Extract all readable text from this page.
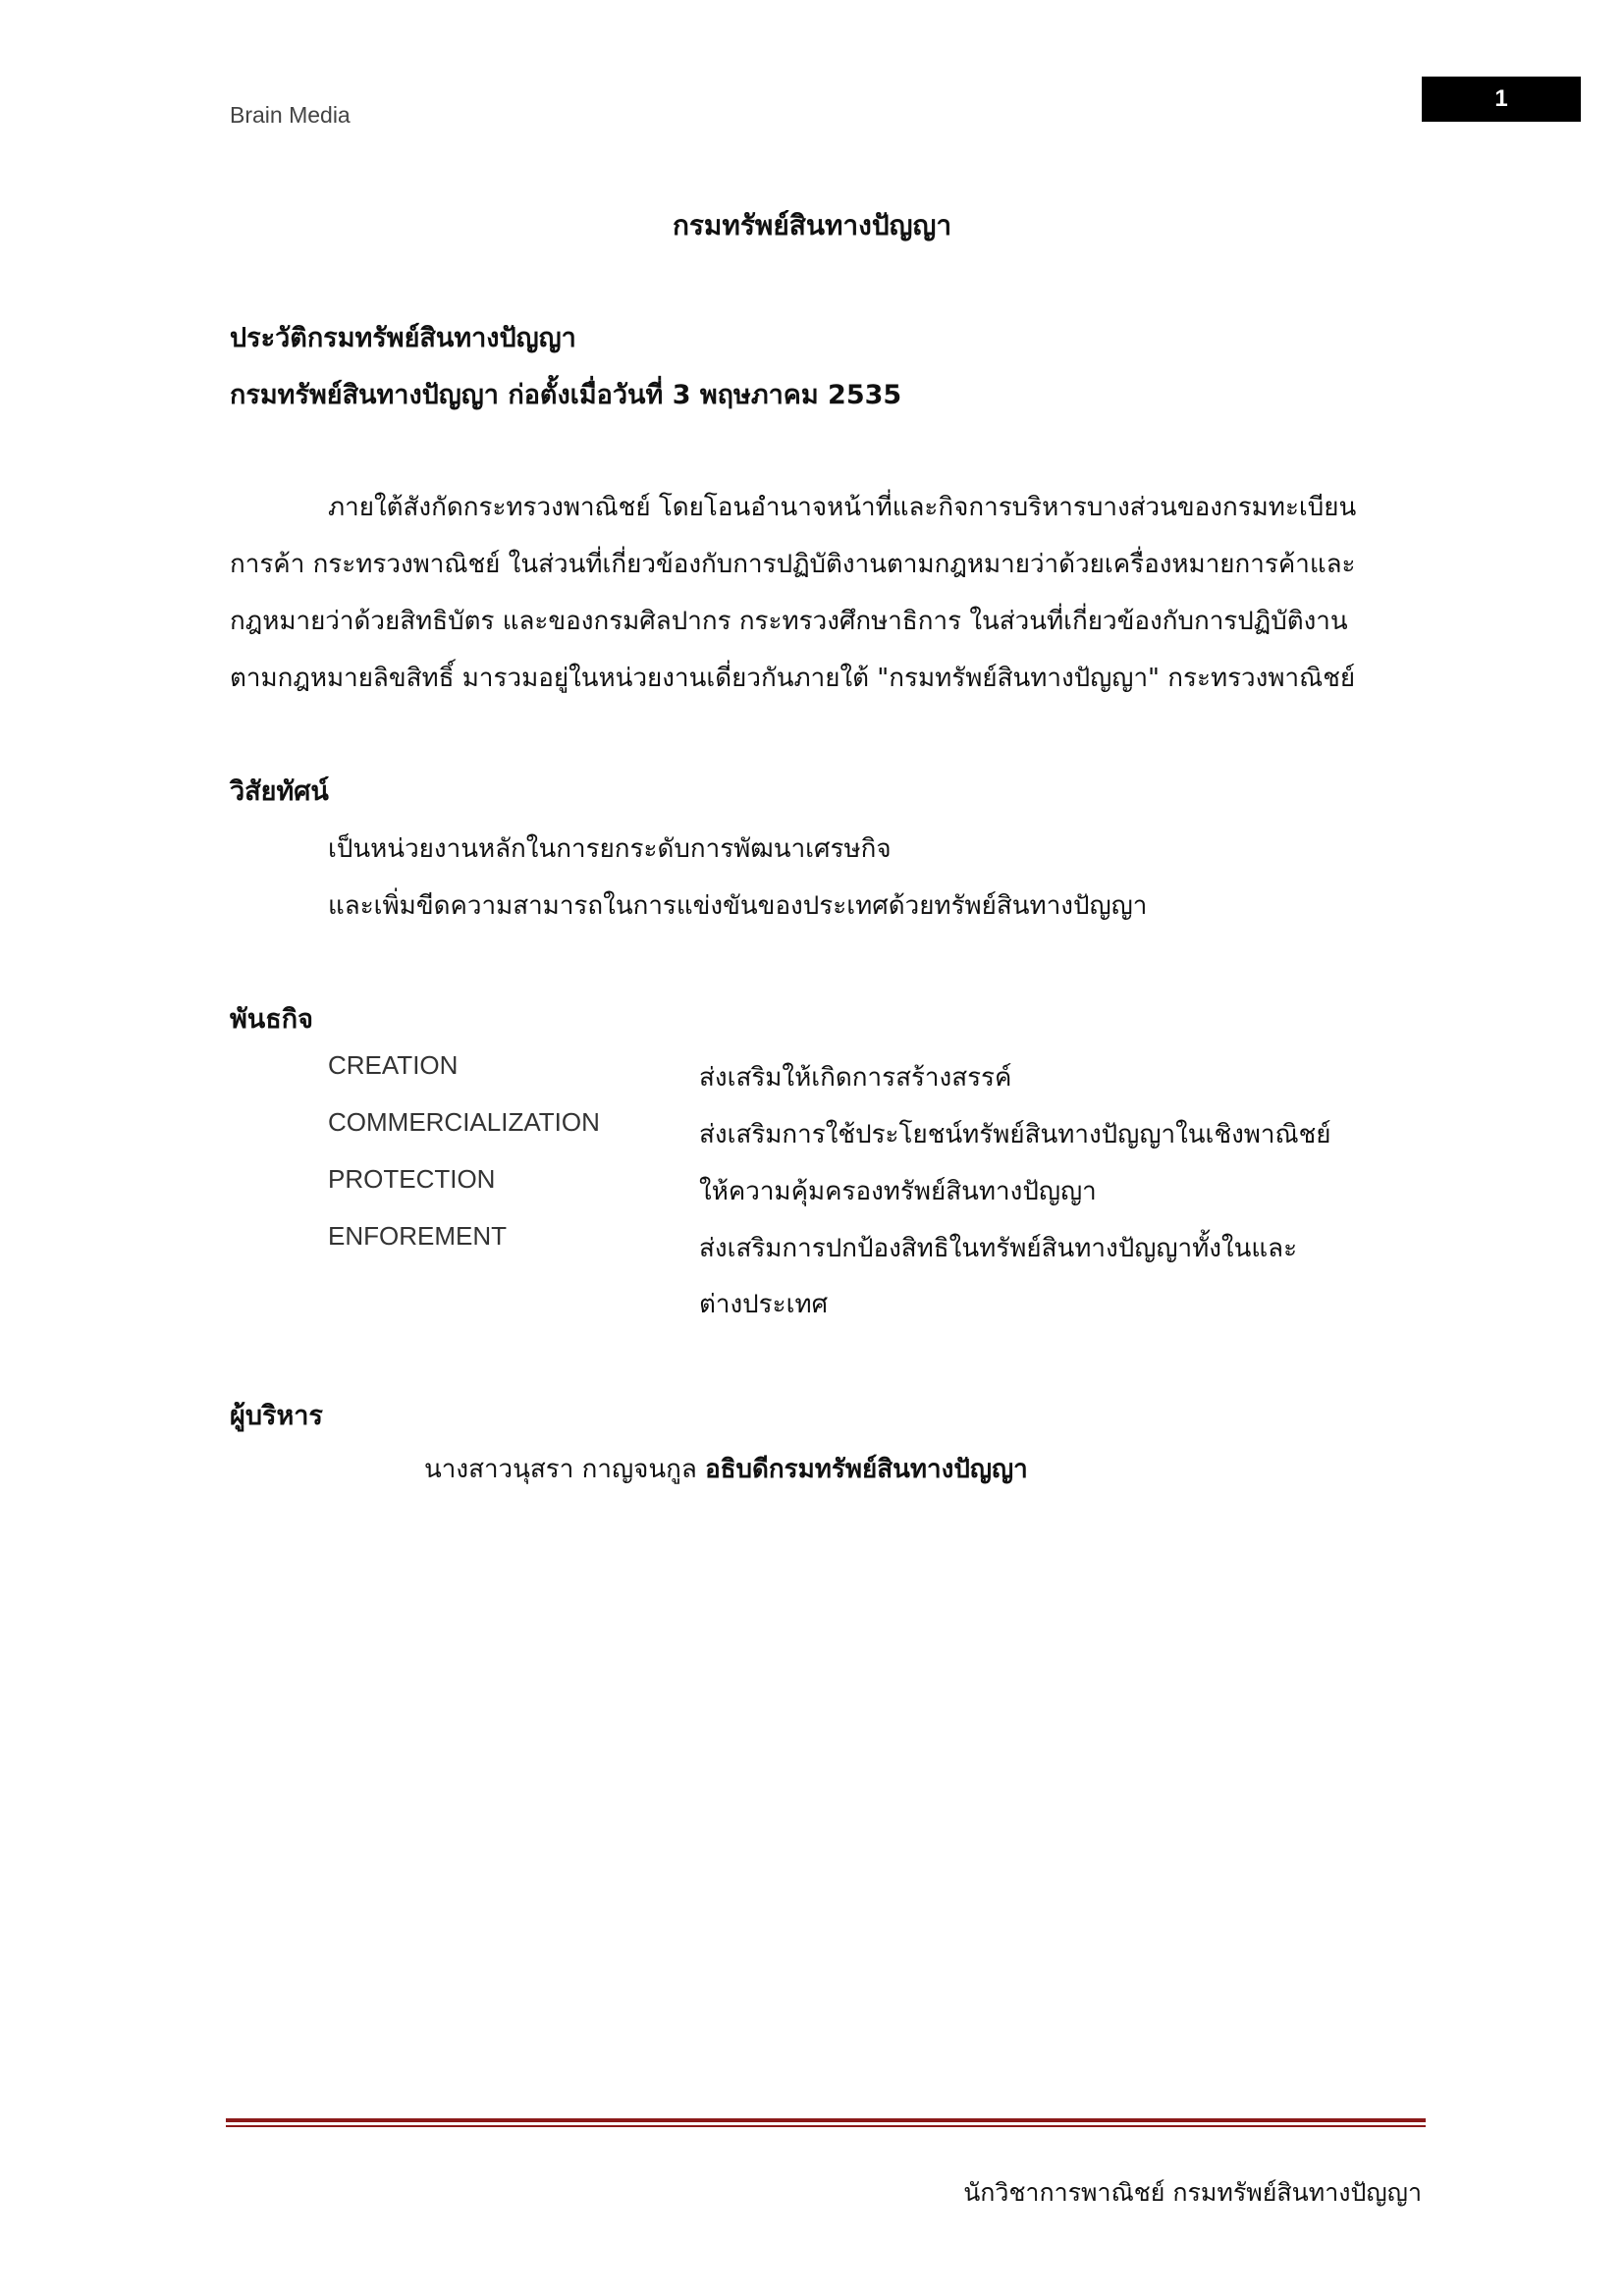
Brain Media
1
กรมทรัพย์สินทางปัญญา
ประวัติกรมทรัพย์สินทางปัญญา
กรมทรัพย์สินทางปัญญา ก่อตั้งเมื่อวันที่ 3 พฤษภาคม 2535
ภายใต้สังกัดกระทรวงพาณิชย์ โดยโอนอำนาจหน้าที่และกิจการบริหารบางส่วนของกรมทะเบียน
การค้า กระทรวงพาณิชย์ ในส่วนที่เกี่ยวข้องกับการปฏิบัติงานตามกฎหมายว่าด้วยเครื่องหมายการค้าและ
กฎหมายว่าด้วยสิทธิบัตร และของกรมศิลปากร กระทรวงศึกษาธิการ ในส่วนที่เกี่ยวข้องกับการปฏิบัติงาน
ตามกฎหมายลิขสิทธิ์ มารวมอยู่ในหน่วยงานเดี่ยวกันภายใต้ "กรมทรัพย์สินทางปัญญา" กระทรวงพาณิชย์
วิสัยทัศน์
เป็นหน่วยงานหลักในการยกระดับการพัฒนาเศรษกิจ
และเพิ่มขีดความสามารถในการแข่งขันของประเทศด้วยทรัพย์สินทางปัญญา
พันธกิจ
CREATION	ส่งเสริมให้เกิดการสร้างสรรค์
COMMERCIALIZATION	ส่งเสริมการใช้ประโยชน์ทรัพย์สินทางปัญญาในเชิงพาณิชย์
PROTECTION	ให้ความคุ้มครองทรัพย์สินทางปัญญา
ENFOREMENT	ส่งเสริมการปกป้องสิทธิในทรัพย์สินทางปัญญาทั้งในและ
ต่างประเทศ
ผู้บริหาร
นางสาวนุสรา กาญจนกูล อธิบดีกรมทรัพย์สินทางปัญญา
นักวิชาการพาณิชย์ กรมทรัพย์สินทางปัญญา
